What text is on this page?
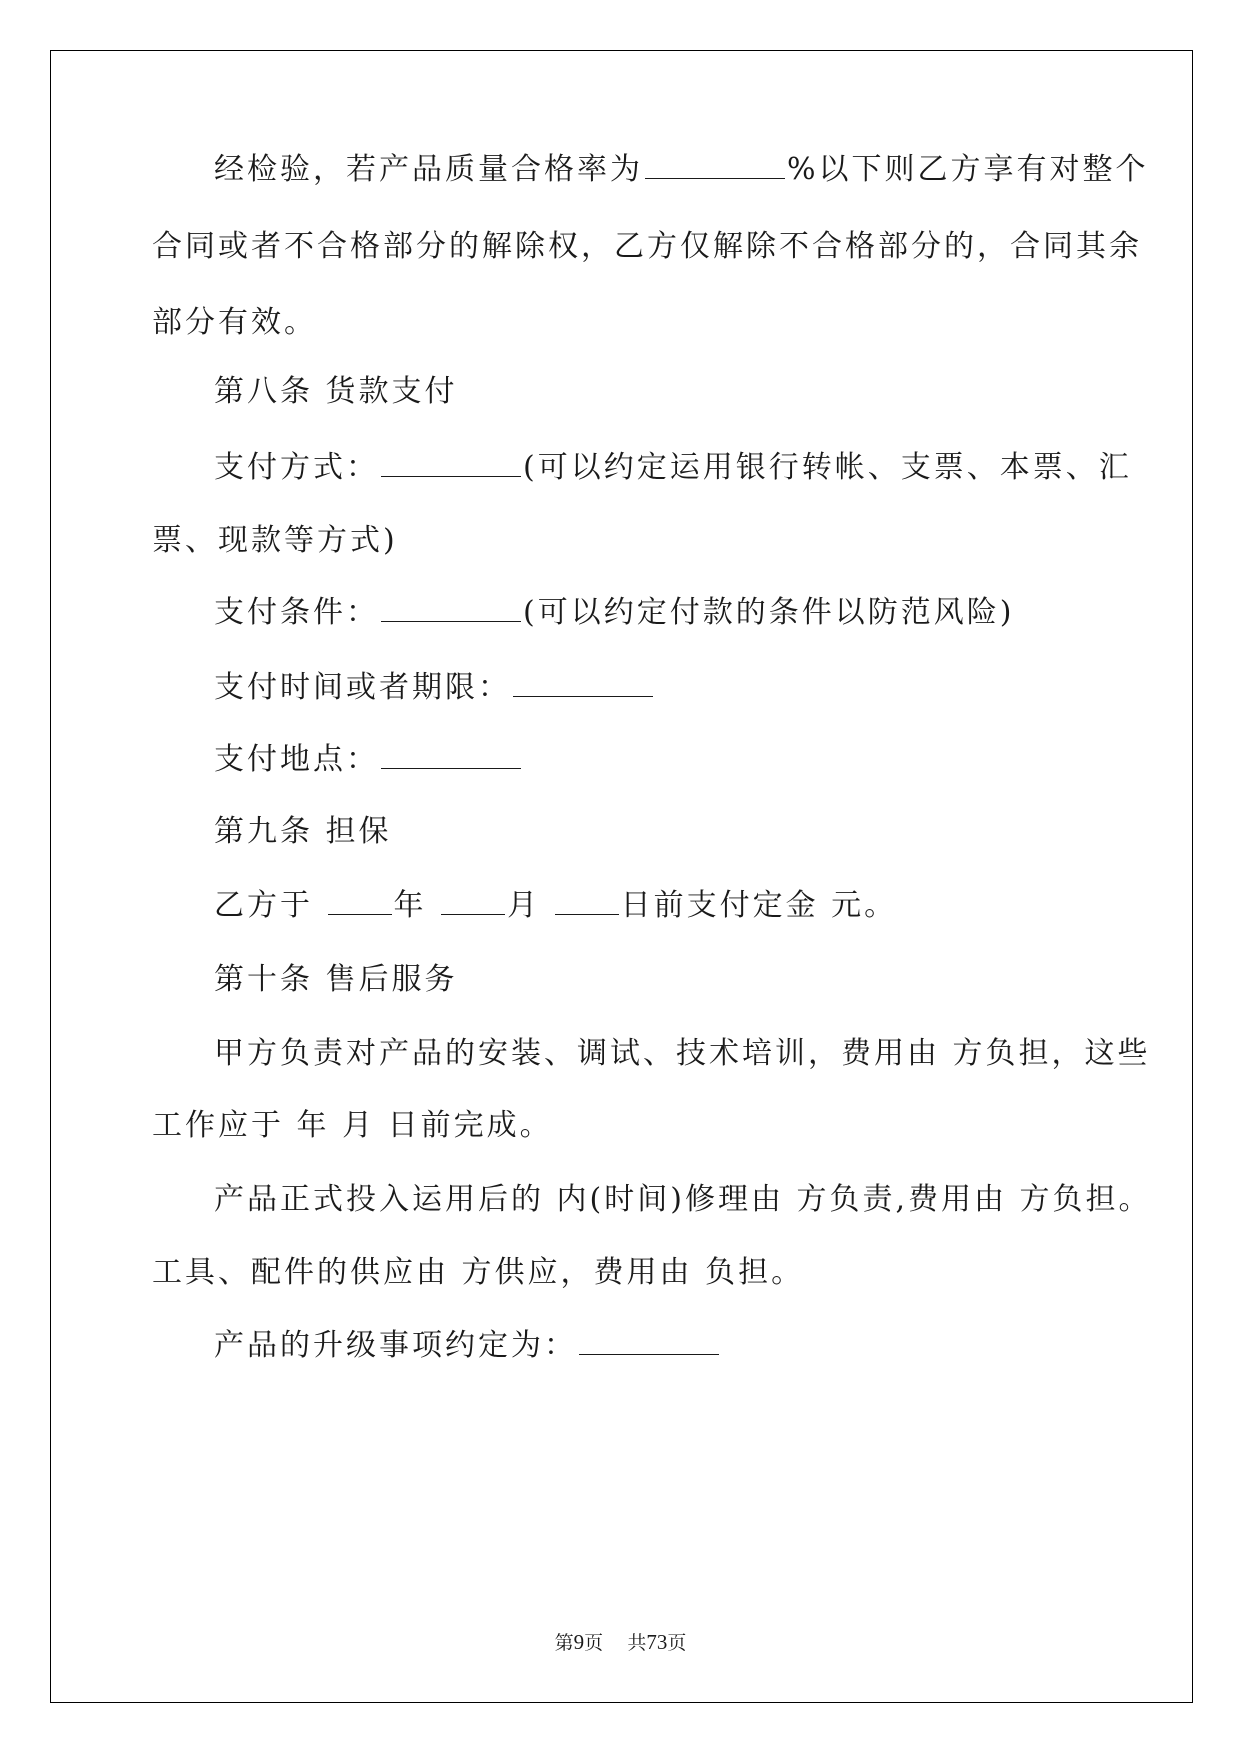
经检验，若产品质量合格率为	%以下则乙方享有对整个
合同或者不合格部分的解除权，乙方仅解除不合格部分的，合同其余
部分有效。
第八条 货款支付
支付方式：	(可以约定运用银行转帐、支票、本票、汇
票、现款等方式)
支付条件：	(可以约定付款的条件以防范风险)
支付时间或者期限：
支付地点：
第九条 担保
乙方于 年 月 日前支付定金 元。
第十条 售后服务
甲方负责对产品的安装、调试、技术培训，费用由 方负担，这些
工作应于 年 月 日前完成。
产品正式投入运用后的 内(时间)修理由 方负责,费用由 方负担。
工具、配件的供应由 方供应，费用由 负担。
产品的升级事项约定为：
第9页 共73页
